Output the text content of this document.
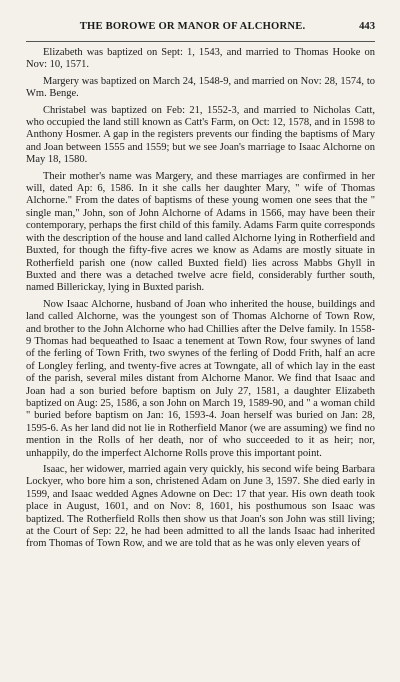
THE BOROWE OR MANOR OF ALCHORNE.	443

Elizabeth was baptized on Sept: 1, 1543, and married to Thomas Hooke on Nov: 10, 1571.

Margery was baptized on March 24, 1548-9, and married on Nov: 28, 1574, to Wm. Benge.

Christabel was baptized on Feb: 21, 1552-3, and married to Nicholas Catt, who occupied the land still known as Catt's Farm, on Oct: 12, 1578, and in 1598 to Anthony Hosmer. A gap in the registers prevents our finding the baptisms of Mary and Joan between 1555 and 1559; but we see Joan's marriage to Isaac Alchorne on May 18, 1580.

Their mother's name was Margery, and these marriages are confirmed in her will, dated Ap: 6, 1586. In it she calls her daughter Mary, " wife of Thomas Alchorne." From the dates of baptisms of these young women one sees that the " single man," John, son of John Alchorne of Adams in 1566, may have been their contemporary, perhaps the first child of this family. Adams Farm quite corresponds with the description of the house and land called Alchorne lying in Rotherfield and Buxted, for though the fifty-five acres we know as Adams are mostly situate in Rotherfield parish one (now called Buxted field) lies across Mabbs Ghyll in Buxted and there was a detached twelve acre field, considerably further south, named Billerickay, lying in Buxted parish.

Now Isaac Alchorne, husband of Joan who inherited the house, buildings and land called Alchorne, was the youngest son of Thomas Alchorne of Town Row, and brother to the John Alchorne who had Chillies after the Delve family. In 1558-9 Thomas had bequeathed to Isaac a tenement at Town Row, four swynes of land of the ferling of Town Frith, two swynes of the ferling of Dodd Frith, half an acre of Longley ferling, and twenty-five acres at Towngate, all of which lay in the east of the parish, several miles distant from Alchorne Manor. We find that Isaac and Joan had a son buried before baptism on July 27, 1581, a daughter Elizabeth baptized on Aug: 25, 1586, a son John on March 19, 1589-90, and " a woman child " buried before baptism on Jan: 16, 1593-4. Joan herself was buried on Jan: 28, 1595-6. As her land did not lie in Rotherfield Manor (we are assuming) we find no mention in the Rolls of her death, nor of who succeeded to it as heir; nor, unhappily, do the imperfect Alchorne Rolls prove this important point.

Isaac, her widower, married again very quickly, his second wife being Barbara Lockyer, who bore him a son, christened Adam on June 3, 1597. She died early in 1599, and Isaac wedded Agnes Adowne on Dec: 17 that year. His own death took place in August, 1601, and on Nov: 8, 1601, his posthumous son Isaac was baptized. The Rotherfield Rolls then show us that Joan's son John was still living; at the Court of Sep: 22, he had been admitted to all the lands Isaac had inherited from Thomas of Town Row, and we are told that as he was only eleven years of
